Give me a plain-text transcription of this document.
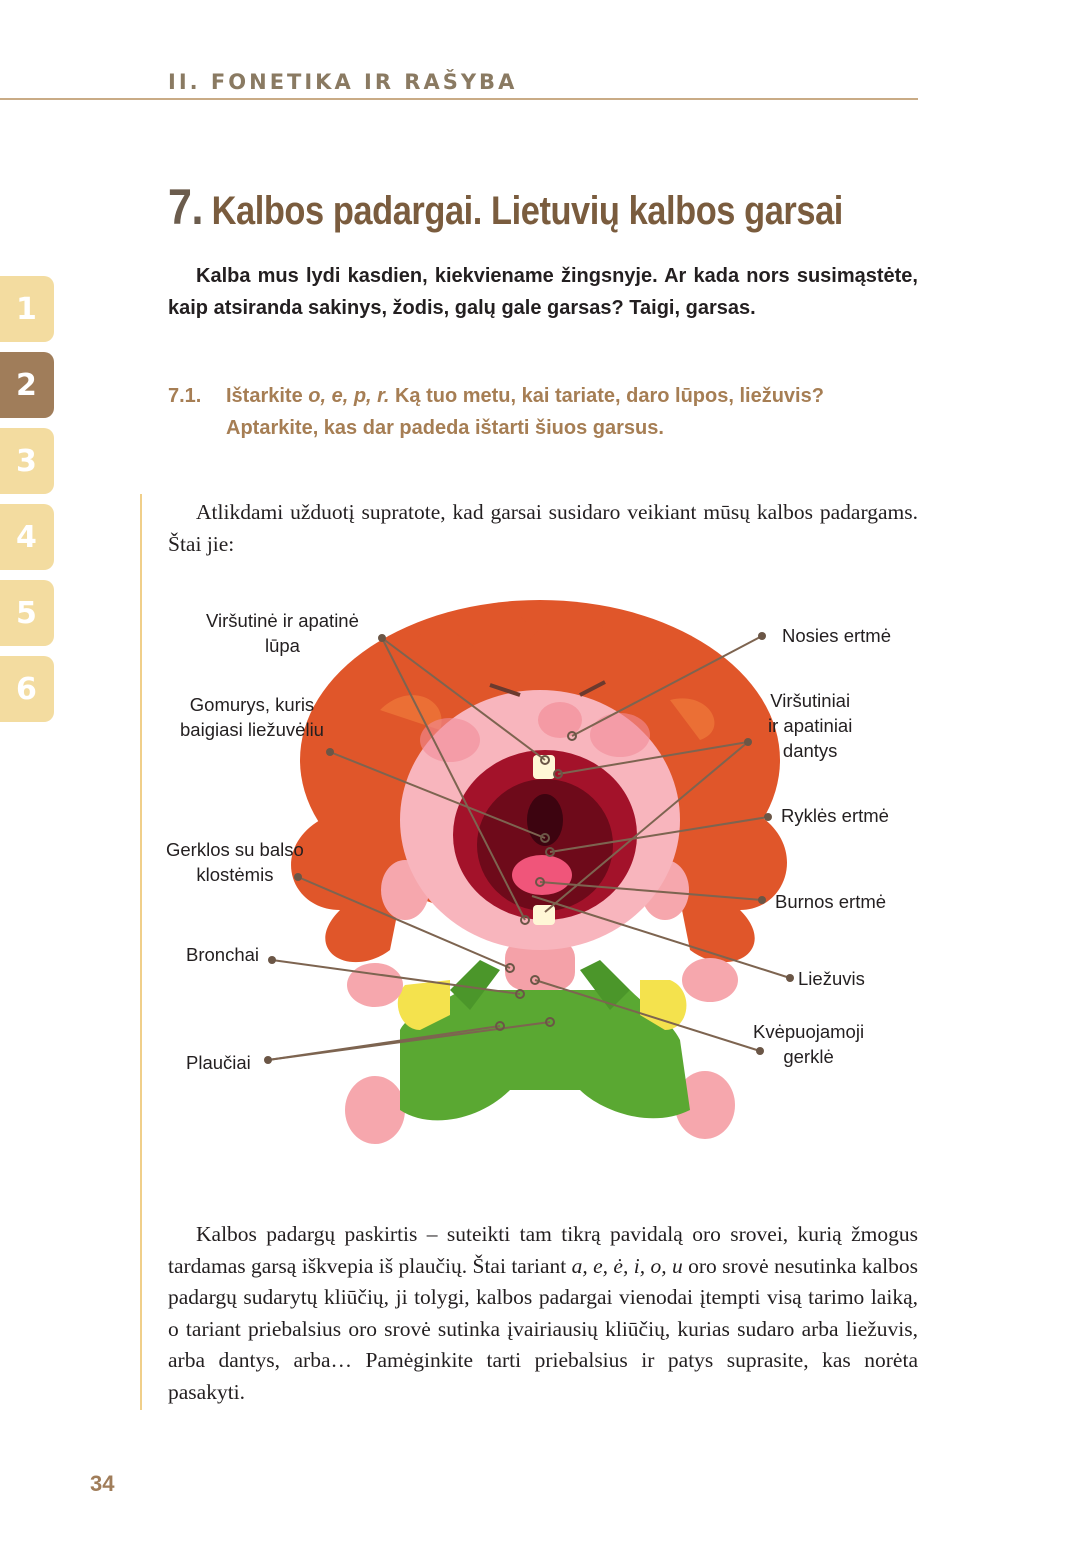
II. FONETIKA IR RAŠYBA
1
2
3
4
5
6
7. Kalbos padargai. Lietuvių kalbos garsai
Kalba mus lydi kasdien, kiekviename žingsnyje. Ar kada nors susimąstėte, kaip atsiranda sakinys, žodis, galų gale garsas? Taigi, garsas.
7.1. Ištarkite o, e, p, r. Ką tuo metu, kai tariate, daro lūpos, liežuvis? Aptarkite, kas dar padeda ištarti šiuos garsus.
Atlikdami užduotį supratote, kad garsai susidaro veikiant mūsų kalbos padargams. Štai jie:
Viršutinė ir apatinė
lūpa
Gomurys, kuris
baigiasi liežuvėliu
Gerklos su balso
klostėmis
Bronchai
Plaučiai
Nosies ertmė
Viršutiniai
ir apatiniai
dantys
Ryklės ertmė
Burnos ertmė
Liežuvis
Kvėpuojamoji
gerklė
Kalbos padargų paskirtis – suteikti tam tikrą pavidalą oro srovei, kurią žmogus tardamas garsą iškvepia iš plaučių. Štai tariant a, e, ė, i, o, u oro srovė nesutinka kalbos padargų sudarytų kliūčių, ji tolygi, kalbos padargai vienodai įtempti visą tarimo laiką, o tariant priebalsius oro srovė sutinka įvairiausių kliūčių, kurias sudaro arba liežuvis, arba dantys, arba… Pamėginkite tarti priebalsius ir patys suprasite, kas norėta pasakyti.
34
